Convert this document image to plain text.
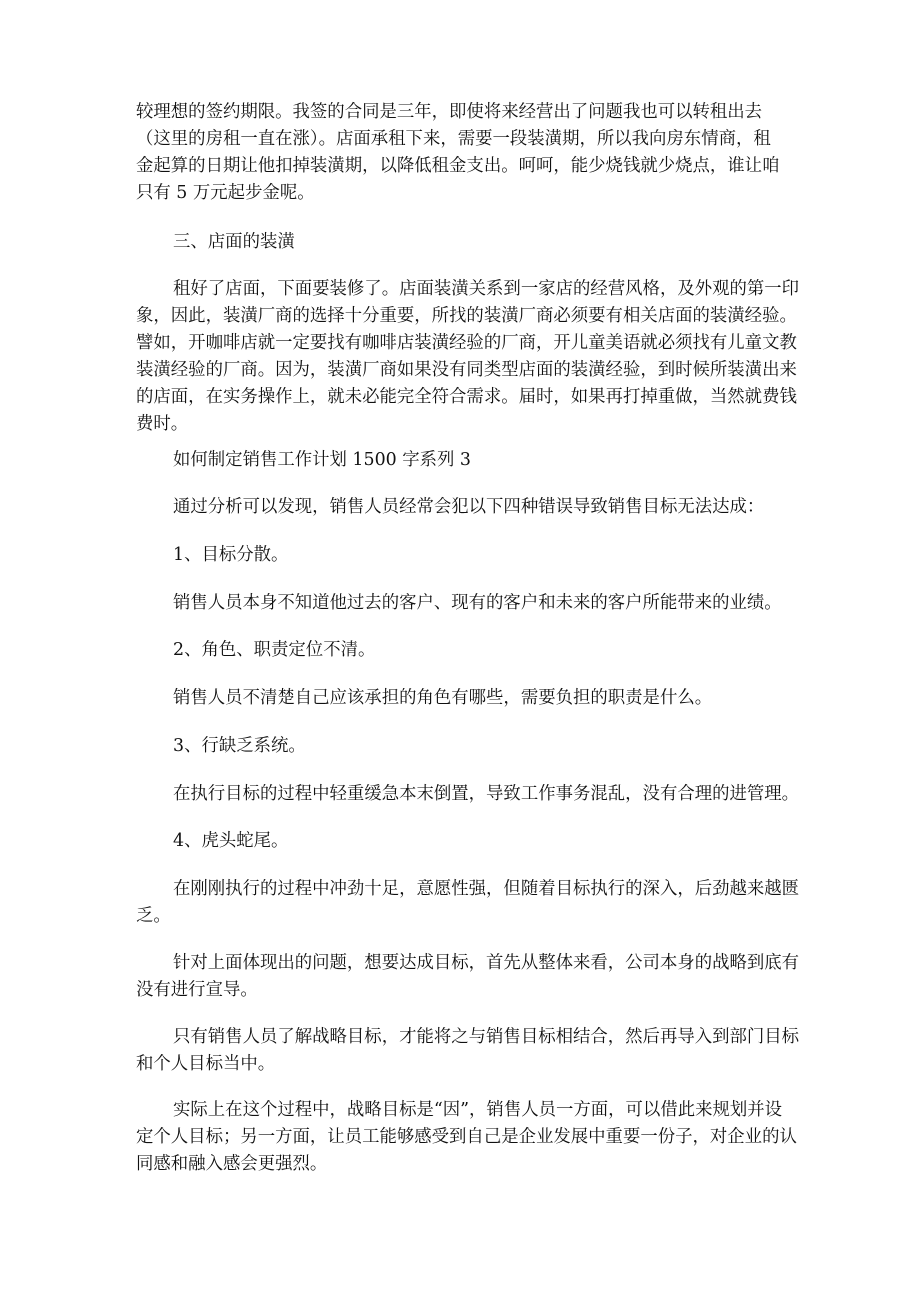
较理想的签约期限。我签的合同是三年，即使将来经营出了问题我也可以转租出去
（这里的房租一直在涨）。店面承租下来，需要一段装潢期，所以我向房东情商，租
金起算的日期让他扣掉装潢期，以降低租金支出。呵呵，能少烧钱就少烧点，谁让咱
只有 5 万元起步金呢。
三、店面的装潢
租好了店面，下面要装修了。店面装潢关系到一家店的经营风格，及外观的第一印
象，因此，装潢厂商的选择十分重要，所找的装潢厂商必须要有相关店面的装潢经验。
譬如，开咖啡店就一定要找有咖啡店装潢经验的厂商，开儿童美语就必须找有儿童文教
装潢经验的厂商。因为，装潢厂商如果没有同类型店面的装潢经验，到时候所装潢出来
的店面，在实务操作上，就未必能完全符合需求。届时，如果再打掉重做，当然就费钱
费时。
如何制定销售工作计划 1500 字系列 3
通过分析可以发现，销售人员经常会犯以下四种错误导致销售目标无法达成：
1、目标分散。
销售人员本身不知道他过去的客户、现有的客户和未来的客户所能带来的业绩。
2、角色、职责定位不清。
销售人员不清楚自己应该承担的角色有哪些，需要负担的职责是什么。
3、行缺乏系统。
在执行目标的过程中轻重缓急本末倒置，导致工作事务混乱，没有合理的进管理。
4、虎头蛇尾。
在刚刚执行的过程中冲劲十足，意愿性强，但随着目标执行的深入，后劲越来越匮
乏。
针对上面体现出的问题，想要达成目标，首先从整体来看，公司本身的战略到底有
没有进行宣导。
只有销售人员了解战略目标，才能将之与销售目标相结合，然后再导入到部门目标
和个人目标当中。
实际上在这个过程中，战略目标是“因”，销售人员一方面，可以借此来规划并设
定个人目标；另一方面，让员工能够感受到自己是企业发展中重要一份子，对企业的认
同感和融入感会更强烈。
